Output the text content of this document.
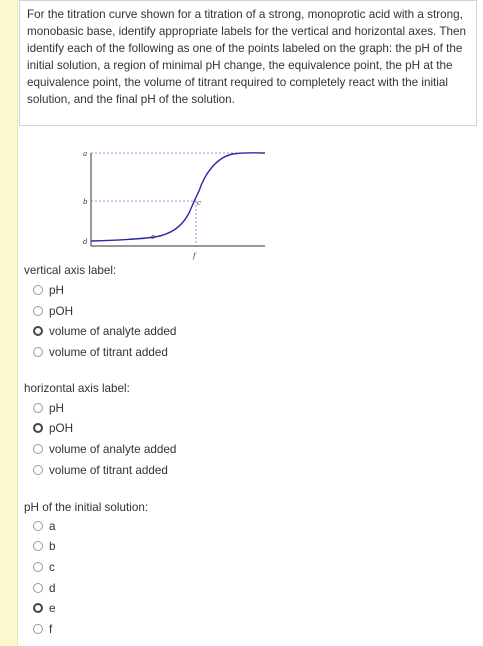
For the titration curve shown for a titration of a strong, monoprotic acid with a strong, monobasic base, identify appropriate labels for the vertical and horizontal axes. Then identify each of the following as one of the points labeled on the graph: the pH of the initial solution, a region of minimal pH change, the equivalence point, the pH at the equivalence point, the volume of titrant required to completely react with the initial solution, and the final pH of the solution.
a
b	c
d
e
f
vertical axis label:
pH
pOH
volume of analyte added
volume of titrant added
horizontal axis label:
pH
pOH
volume of analyte added
volume of titrant added
pH of the initial solution:
a
b
c
d
e
f
